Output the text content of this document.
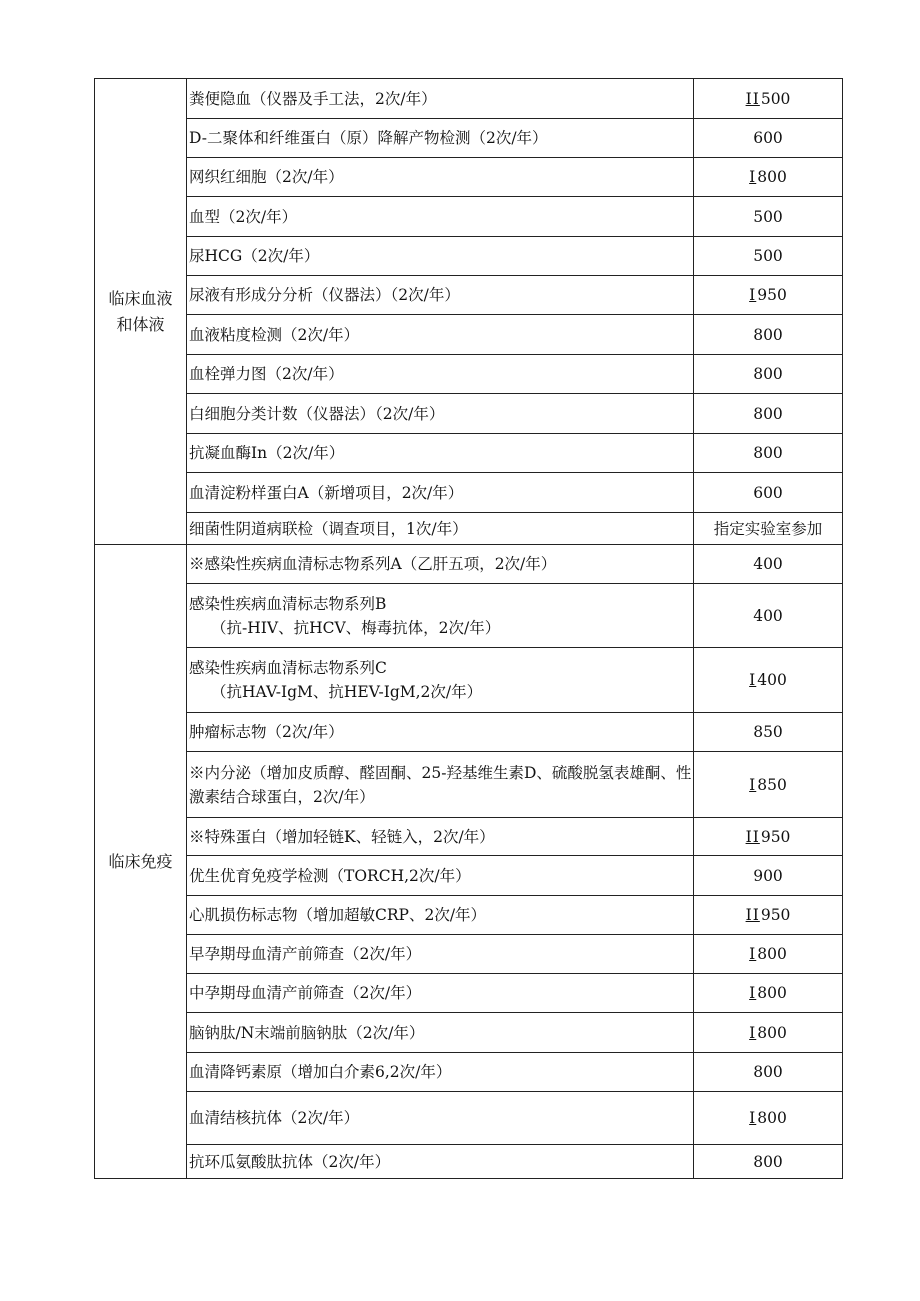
临床血液和体液	粪便隐血（仪器及手工法，2次/年）	II500

	D-二聚体和纤维蛋白（原）降解产物检测（2次/年）	600

	网织红细胞（2次/年）	I800

	血型（2次/年）	500

	尿HCG（2次/年）	500

	尿液有形成分分析（仪器法）（2次/年）	I950

	血液粘度检测（2次/年）	800

	血栓弹力图（2次/年）	800

	白细胞分类计数（仪器法）（2次/年）	800

	抗凝血酶In（2次/年）	800

	血清淀粉样蛋白A（新增项目，2次/年）	600

	细菌性阴道病联检（调查项目，1次/年）	指定实验室参加
临床免疫	※感染性疾病血清标志物系列A（乙肝五项，2次/年）	400

	感染性疾病血清标志物系列B
（抗-HIV、抗HCV、梅毒抗体，2次/年）	400

	感染性疾病血清标志物系列C
（抗HAV-IgM、抗HEV-IgM,2次/年）	I400

	肿瘤标志物（2次/年）	850

	※内分泌（增加皮质醇、醛固酮、25-羟基维生素D、硫酸脱氢表雄酮、性激素结合球蛋白，2次/年）	I850

	※特殊蛋白（增加轻链K、轻链入，2次/年）	II950

	优生优育免疫学检测（TORCH,2次/年）	900

	心肌损伤标志物（增加超敏CRP、2次/年）	II950

	早孕期母血清产前筛查（2次/年）	I800

	中孕期母血清产前筛查（2次/年）	I800

	脑钠肽/N末端前脑钠肽（2次/年）	I800

	血清降钙素原（增加白介素6,2次/年）	800

	血清结核抗体（2次/年）	I800

	抗环瓜氨酸肽抗体（2次/年）	800
